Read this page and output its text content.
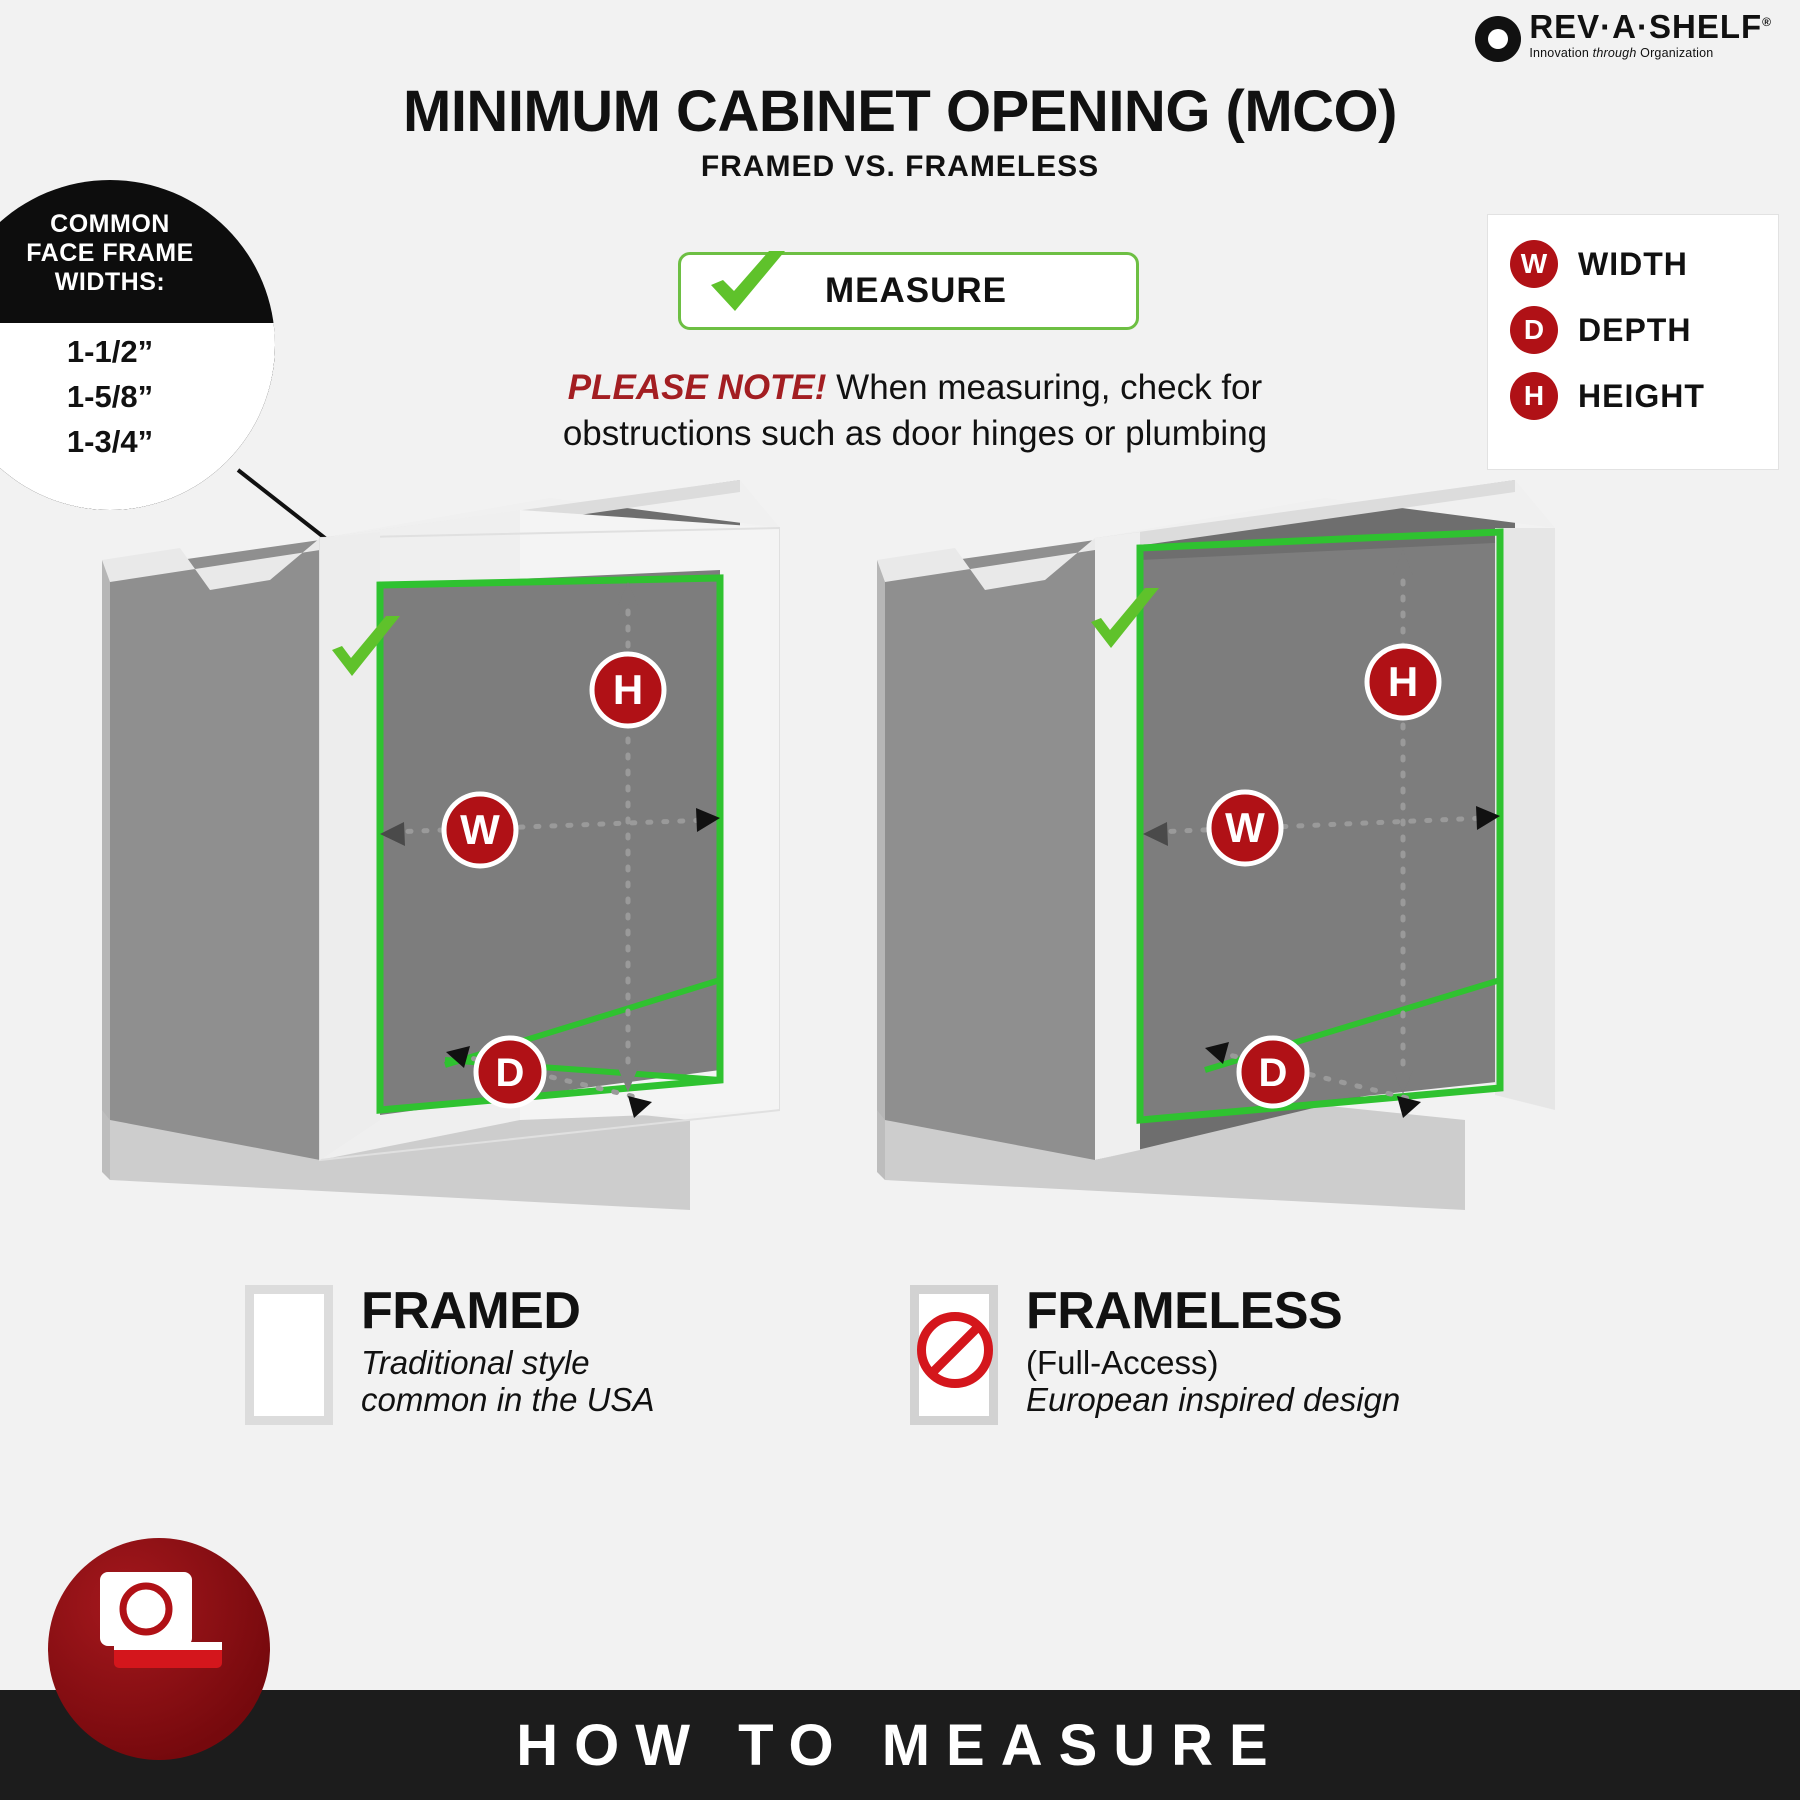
REV·A·SHELF®
Innovation through Organization
MINIMUM CABINET OPENING (MCO)
FRAMED VS. FRAMELESS
COMMON
FACE FRAME
WIDTHS:
1-1/2”
1-5/8”
1-3/4”
MEASURE
PLEASE NOTE! When measuring, check for
obstructions such as door hinges or plumbing
W WIDTH
D	DEPTH
H	HEIGHT
H
W
D
H
W
D
FRAMED
Traditional style
common in the USA
FRAMELESS
(Full-Access)
European inspired design
HOW TO MEASURE
